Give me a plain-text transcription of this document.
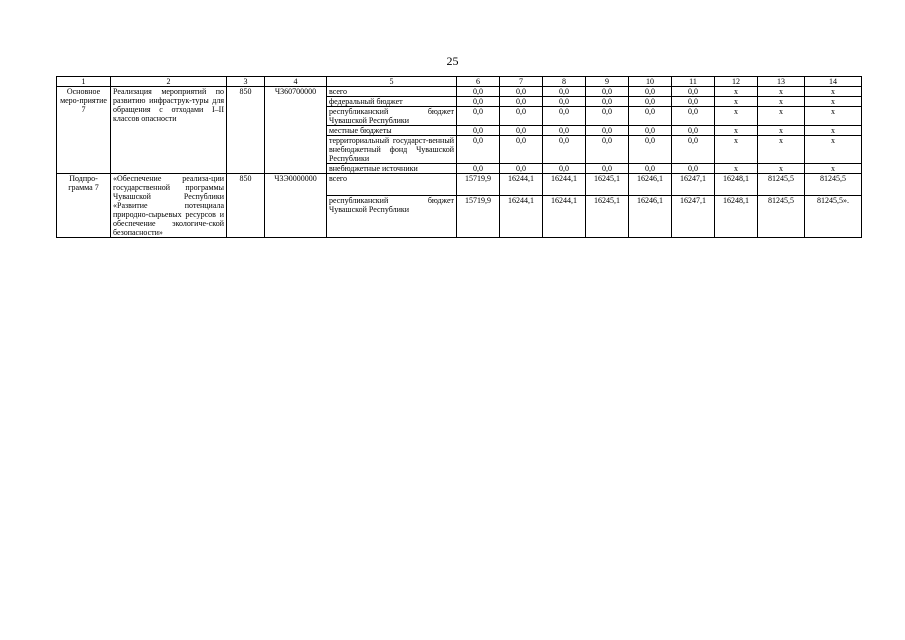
25
1	2	3	4	5	6	7	8	9	10	11	12	13	14
Основное меро-приятие 7	Реализация мероприятий по развитию инфраструк-туры для обращения с отходами I–II классов опасности	850	Ч360700000	всего	0,0	0,0	0,0	0,0	0,0	0,0	x	x	x
				федеральный бюджет	0,0	0,0	0,0	0,0	0,0	0,0	x	x	x
				республиканский бюджет Чувашской Республики	0,0	0,0	0,0	0,0	0,0	0,0	x	x	x
				местные бюджеты	0,0	0,0	0,0	0,0	0,0	0,0	x	x	x
				территориальный государст-венный внебюджетный фонд Чувашской Республики	0,0	0,0	0,0	0,0	0,0	0,0	x	x	x
				внебюджетные источники	0,0	0,0	0,0	0,0	0,0	0,0	x	x	x
Подпро-грамма 7	«Обеспечение реализа-ции государственной программы Чувашской Республики «Развитие потенциала природно-сырьевых ресурсов и обеспечение экологиче-ской безопасности»	850	Ч3Э0000000	всего	15719,9	16244,1	16244,1	16245,1	16246,1	16247,1	16248,1	81245,5	81245,5
				республиканский бюджет Чувашской Республики	15719,9	16244,1	16244,1	16245,1	16246,1	16247,1	16248,1	81245,5	81245,5».
